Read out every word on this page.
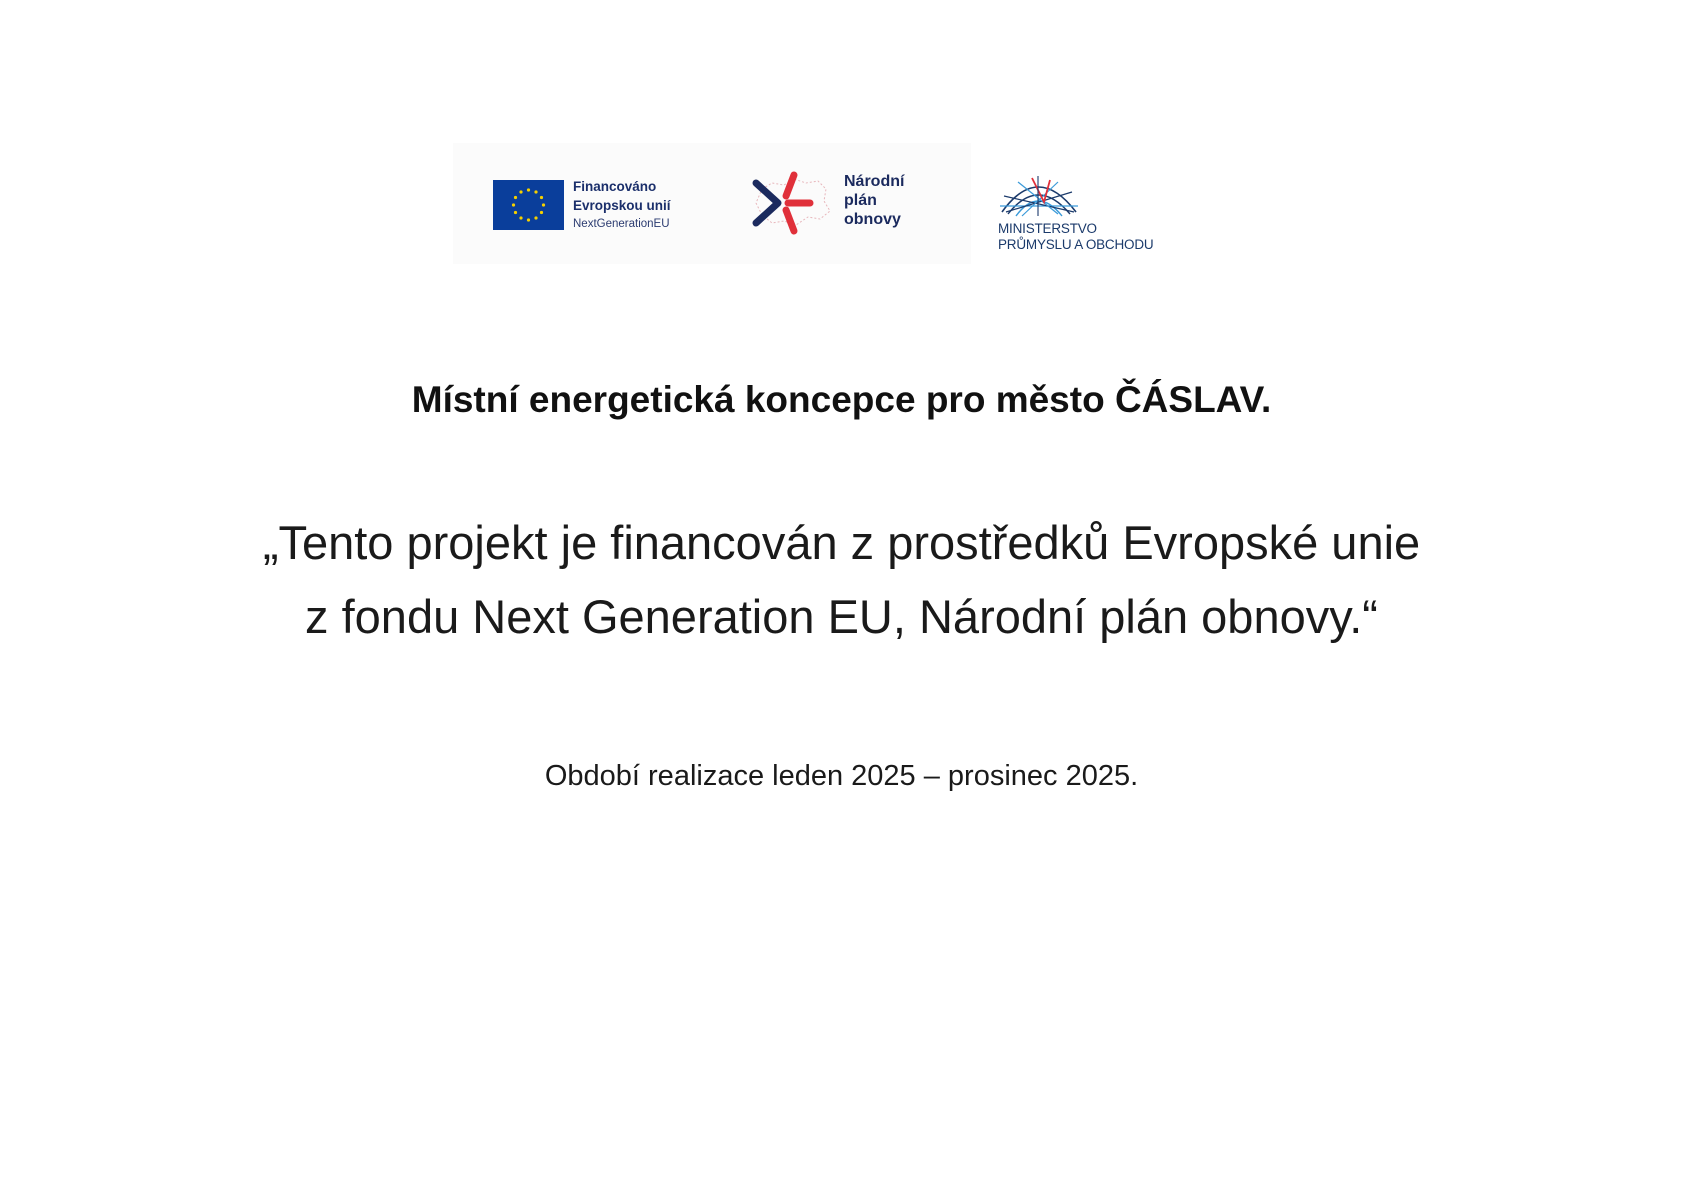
Financováno
Evropskou unií
NextGenerationEU
Národní
plán
obnovy
MINISTERSTVO
PRŮMYSLU A OBCHODU
Místní energetická koncepce pro město ČÁSLAV.
„Tento projekt je financován z prostředků Evropské unie
z fondu Next Generation EU, Národní plán obnovy.“
Období realizace leden 2025 – prosinec 2025.
